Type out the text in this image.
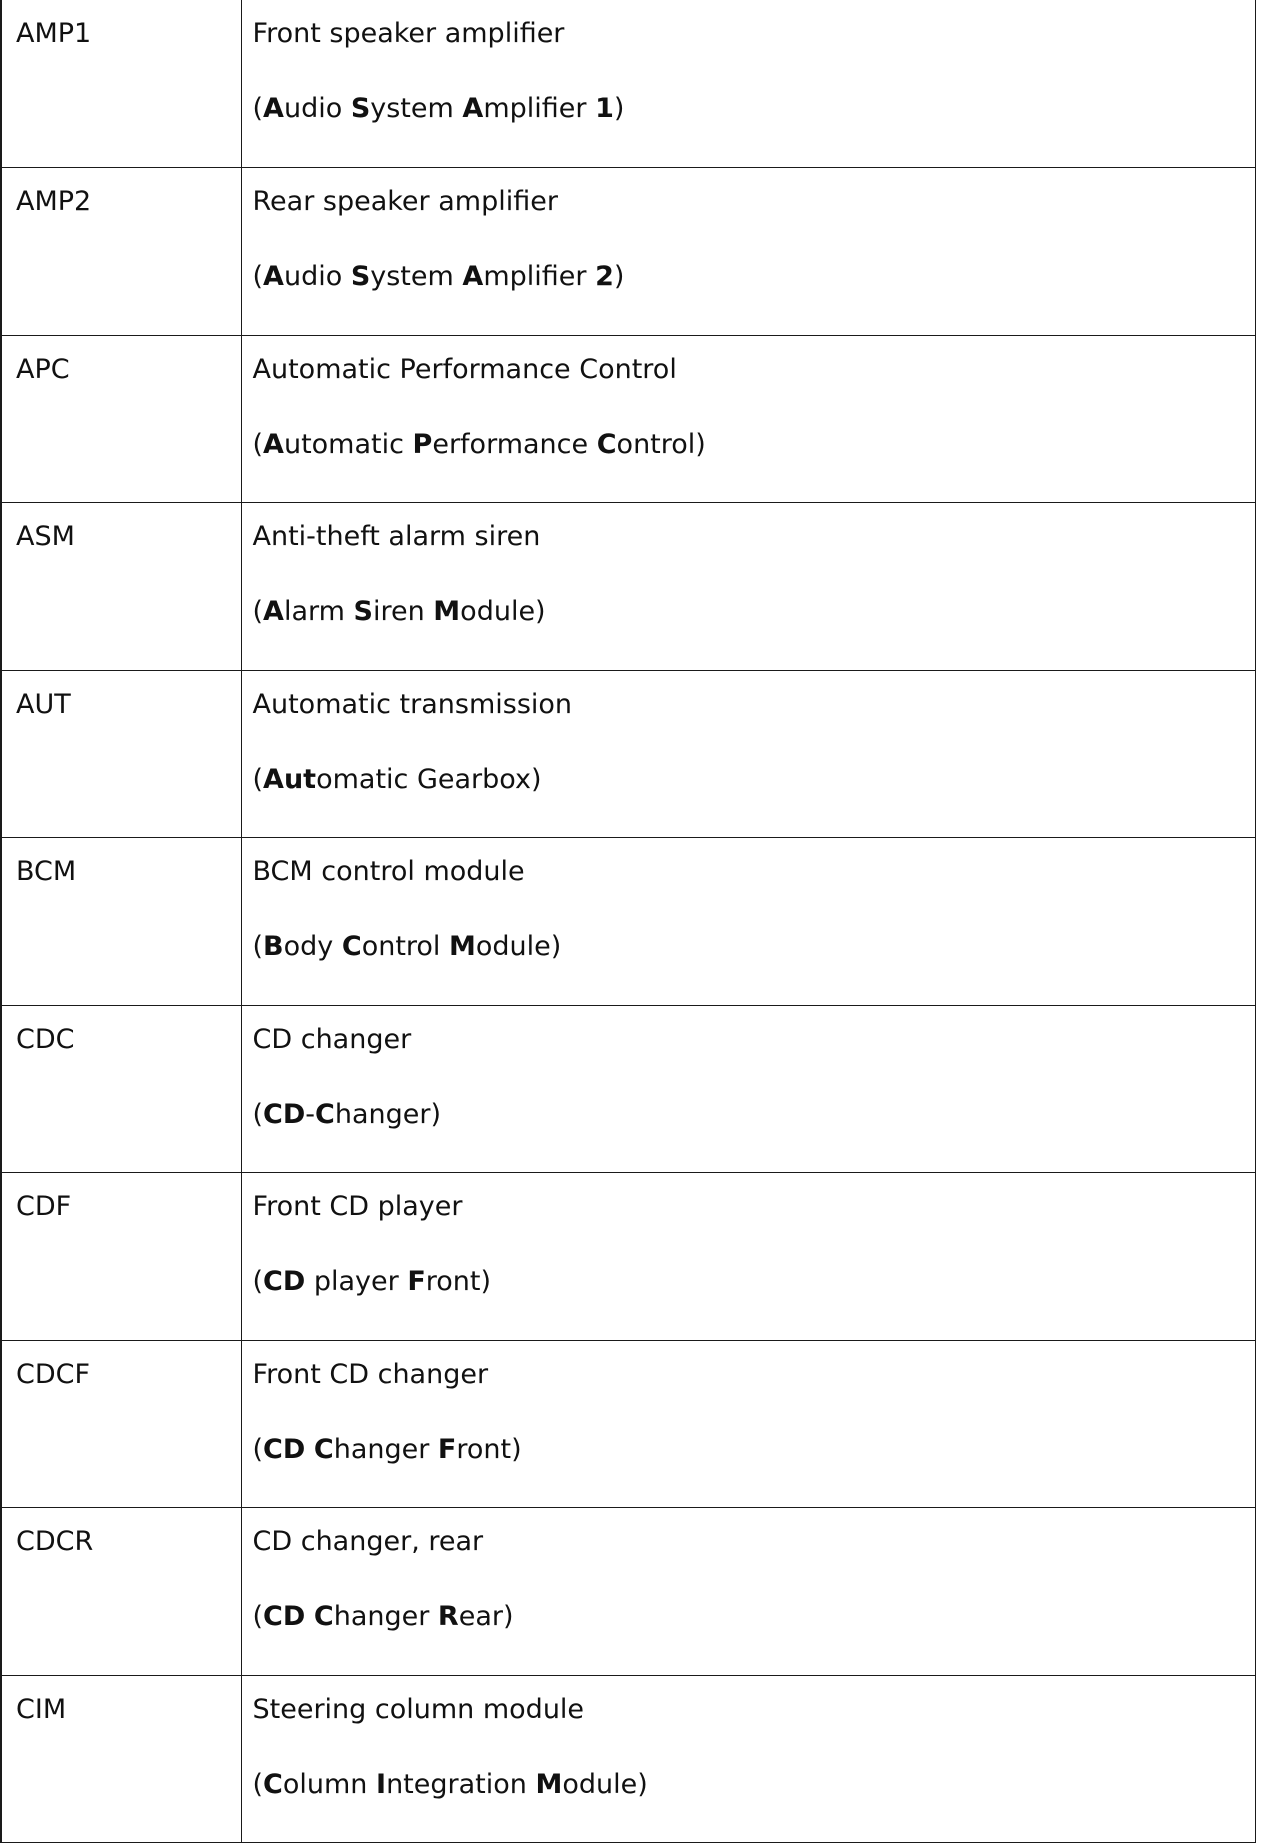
AMP1	Front speaker amplifier
(Audio System Amplifier 1)

AMP2	Rear speaker amplifier
(Audio System Amplifier 2)

APC	Automatic Performance Control
(Automatic Performance Control)

ASM	Anti-theft alarm siren
(Alarm Siren Module)

AUT	Automatic transmission
(Automatic Gearbox)

BCM	BCM control module
(Body Control Module)

CDC	CD changer
(CD-Changer)

CDF	Front CD player
(CD player Front)

CDCF	Front CD changer
(CD Changer Front)

CDCR	CD changer, rear
(CD Changer Rear)

CIM	Steering column module
(Column Integration Module)
